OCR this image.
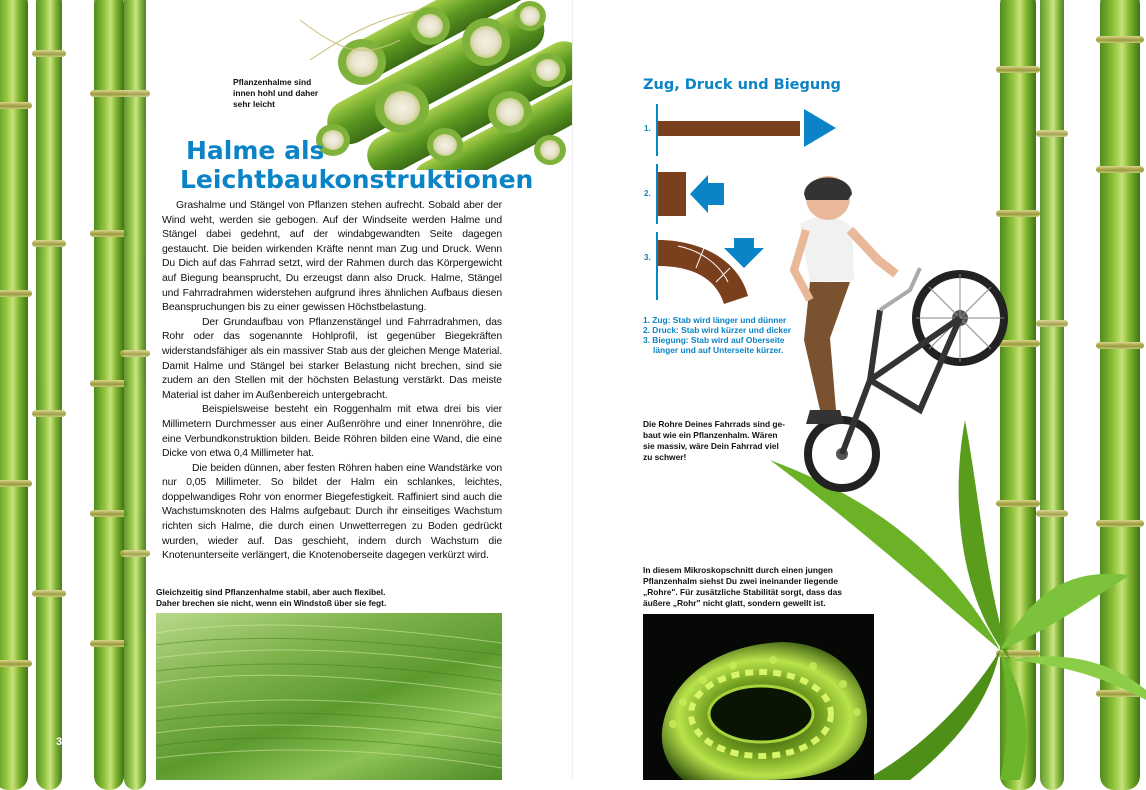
Pflanzenhalme sind
innen hohl und daher
sehr leicht
Halme als
Leichtbaukonstruktionen

Grashalme und Stängel von Pflanzen stehen aufrecht. Sobald aber der Wind weht, werden sie gebogen. Auf der Windseite werden Halme und Stängel dabei gedehnt, auf der windabgewandten Seite dagegen gestaucht. Die beiden wirkenden Kräfte nennt man Zug und Druck. Wenn Du Dich auf das Fahrrad setzt, wird der Rahmen durch das Körpergewicht auf Biegung beansprucht, Du erzeugst dann also Druck. Halme, Stängel und Fahrradrahmen widerstehen aufgrund ihres ähnlichen Aufbaus diesen Beanspruchungen bis zu einer gewissen Höchstbelastung.

Der Grundaufbau von Pflanzenstängel und Fahrradrahmen, das Rohr oder das sogenannte Hohlprofil, ist gegenüber Biegekräften widerstandsfähiger als ein massiver Stab aus der gleichen Menge Material. Damit Halme und Stängel bei starker Belastung nicht brechen, sind sie zudem an den Stellen mit der höchsten Belastung verstärkt. Das meiste Material ist daher im Außenbereich untergebracht.

Beispielsweise besteht ein Roggenhalm mit etwa drei bis vier Millimetern Durchmesser aus einer Außenröhre und einer Innenröhre, die eine Verbundkonstruktion bilden. Beide Röhren bilden eine Wand, die eine Dicke von etwa 0,4 Millimeter hat.

Die beiden dünnen, aber festen Röhren haben eine Wandstärke von nur 0,05 Millimeter. So bildet der Halm ein schlankes, leichtes, doppelwandiges Rohr von enormer Biegefestigkeit. Raffiniert sind auch die Wachstumsknoten des Halms aufgebaut: Durch ihr einseitiges Wachstum richten sich Halme, die durch einen Unwetterregen zu Boden gedrückt wurden, wieder auf. Das geschieht, indem durch Wachstum die Knotenunterseite verlängert, die Knotenoberseite dagegen verkürzt wird.

Gleichzeitig sind Pflanzenhalme stabil, aber auch flexibel.
Daher brechen sie nicht, wenn ein Windstoß über sie fegt.
38
Zug, Druck und Biegung
1.
2.
3.
1. Zug: Stab wird länger und dünner
2. Druck: Stab wird kürzer und dicker
3. Biegung: Stab wird auf Oberseite
länger und auf Unterseite kürzer.
Die Rohre Deines Fahrrads sind ge-
baut wie ein Pflanzenhalm. Wären
sie massiv, wäre Dein Fahrrad viel
zu schwer!
In diesem Mikroskopschnitt durch einen jungen
Pflanzenhalm siehst Du zwei ineinander liegende
„Rohre". Für zusätzliche Stabilität sorgt, dass das
äußere „Rohr" nicht glatt, sondern gewellt ist.
39
